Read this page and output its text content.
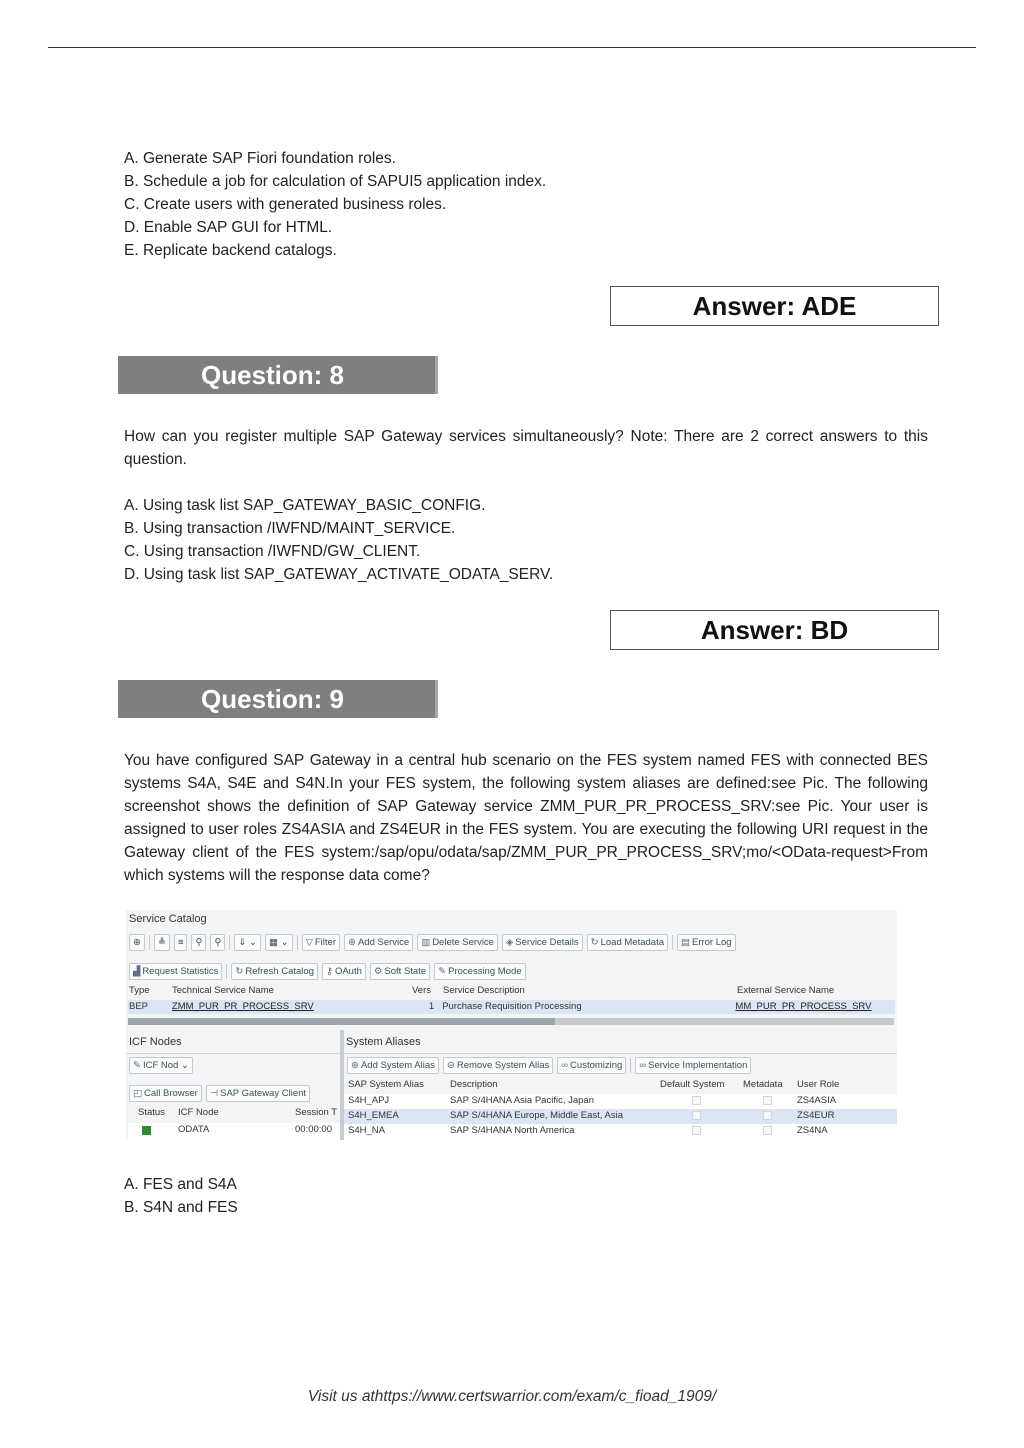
A. Generate SAP Fiori foundation roles.
B. Schedule a job for calculation of SAPUI5 application index.
C. Create users with generated business roles.
D. Enable SAP GUI for HTML.
E. Replicate backend catalogs.
Answer: ADE
Question: 8
How can you register multiple SAP Gateway services simultaneously? Note: There are 2 correct answers to this question.
A. Using task list SAP_GATEWAY_BASIC_CONFIG.
B. Using transaction /IWFND/MAINT_SERVICE.
C. Using transaction /IWFND/GW_CLIENT.
D. Using task list SAP_GATEWAY_ACTIVATE_ODATA_SERV.
Answer: BD
Question: 9
You have configured SAP Gateway in a central hub scenario on the FES system named FES with connected BES systems S4A, S4E and S4N.In your FES system, the following system aliases are defined:see Pic. The following screenshot shows the definition of SAP Gateway service ZMM_PUR_PR_PROCESS_SRV:see Pic. Your user is assigned to user roles ZS4ASIA and ZS4EUR in the FES system. You are executing the following URI request in the Gateway client of the FES system:/sap/opu/odata/sap/ZMM_PUR_PR_PROCESS_SRV;mo/<OData-request>From which systems will the response data come?
Service Catalog
⊕	≜	≡	⚲	⚲	⇓ ⌄	▦ ⌄	▽ Filter	⊕ Add Service	▥ Delete Service	◈ Service Details	↻ Load Metadata	▤ Error Log
▟ Request Statistics	↻ Refresh Catalog	⚷ OAuth	⚙ Soft State	✎ Processing Mode
Type	Technical Service Name	Vers	Service Description	External Service Name
BEP	ZMM_PUR_PR_PROCESS_SRV	1 Purchase Requisition Processing	MM_PUR_PR_PROCESS_SRV
ICF Nodes
✎ ICF Nod ⌄
◰ Call Browser	⊣ SAP Gateway Client
Status	ICF Node	Session T
ODATA	00:00:00
System Aliases
⊕ Add System Alias	⊖ Remove System Alias	∞ Customizing	∞ Service Implementation
SAP System Alias	Description	Default System	Metadata	User Role
S4H_APJ	SAP S/4HANA Asia Pacific, Japan	ZS4ASIA
S4H_EMEA	SAP S/4HANA Europe, Middle East, Asia	ZS4EUR
S4H_NA	SAP S/4HANA North America	ZS4NA
A. FES and S4A
B. S4N and FES
Visit us athttps://www.certswarrior.com/exam/c_fioad_1909/
